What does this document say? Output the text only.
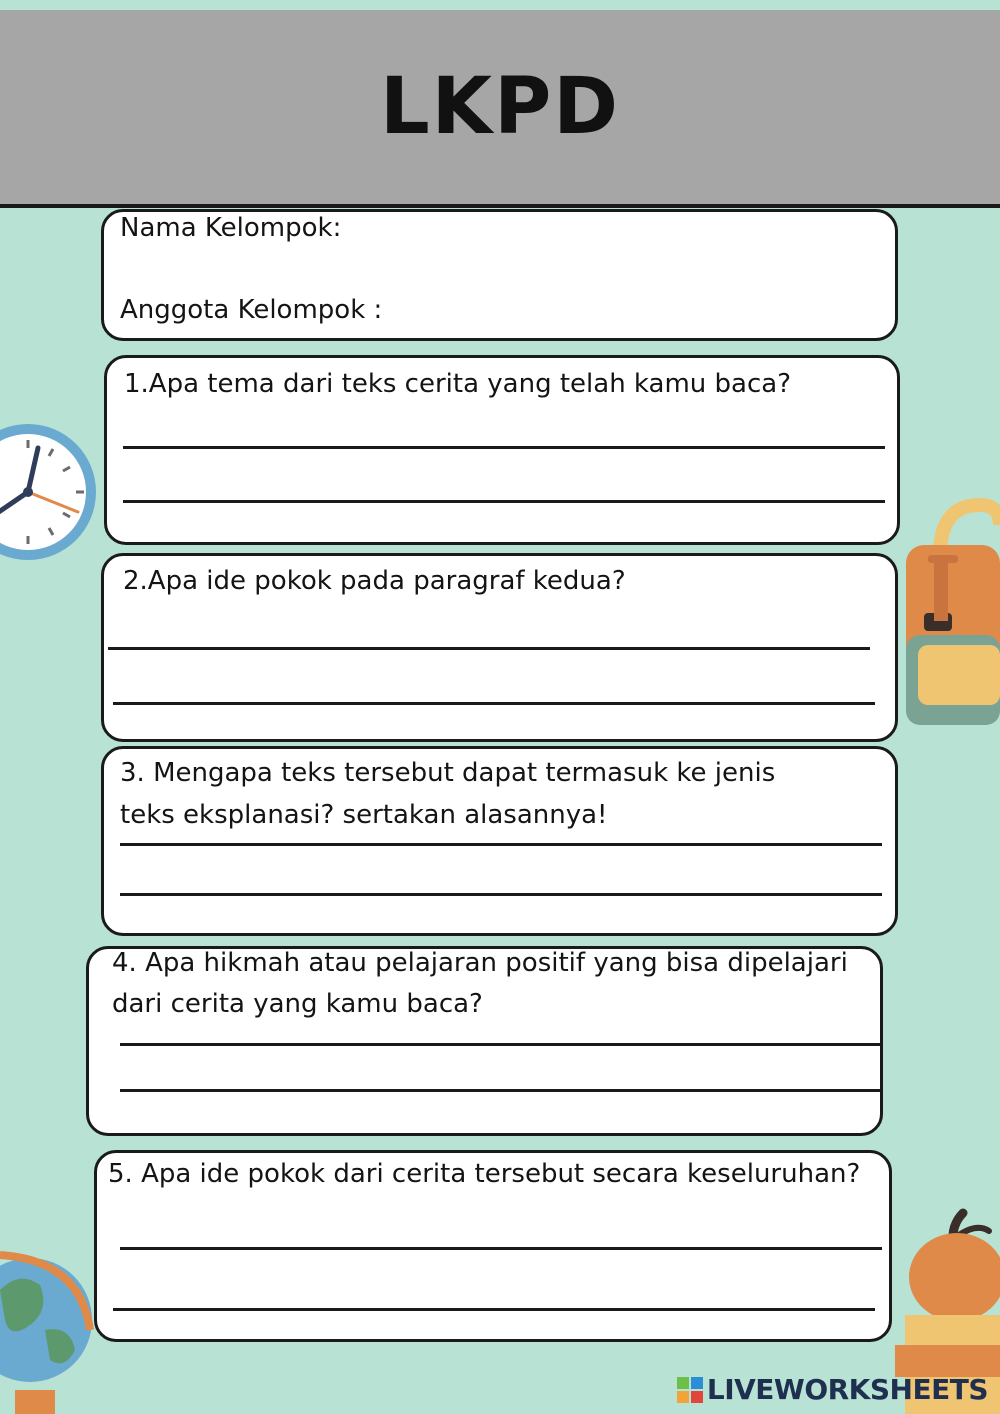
LKPD

Nama Kelompok:

Anggota Kelompok :

1.Apa tema dari teks cerita yang telah kamu baca?

2.Apa ide pokok pada paragraf kedua?

3. Mengapa teks tersebut dapat termasuk ke jenis

teks eksplanasi? sertakan alasannya!

4. Apa hikmah atau pelajaran positif yang bisa dipelajari

dari cerita yang kamu baca?

5. Apa ide pokok dari cerita tersebut secara keseluruhan?

LIVEWORKSHEETS
